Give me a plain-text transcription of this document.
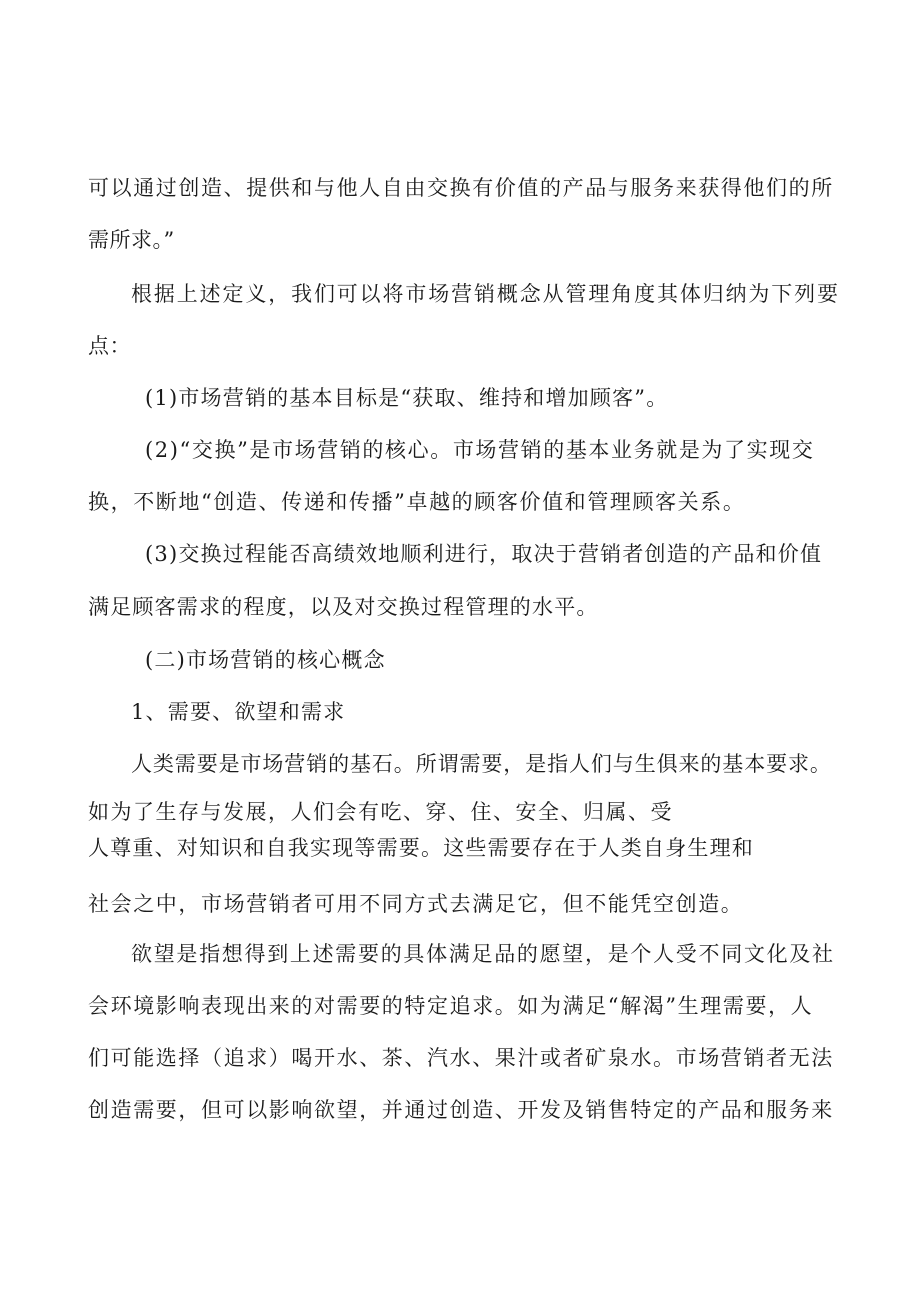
可以通过创造、提供和与他人自由交换有价值的产品与服务来获得他们的所
需所求。”
根据上述定义，我们可以将市场营销概念从管理角度其体归纳为下列要
点：
(1)市场营销的基本目标是“获取、维持和增加顾客”。
(2)“交换”是市场营销的核心。市场营销的基本业务就是为了实现交
换，不断地“创造、传递和传播”卓越的顾客价值和管理顾客关系。
(3)交换过程能否高绩效地顺利进行，取决于营销者创造的产品和价值
满足顾客需求的程度，以及对交换过程管理的水平。
(二)市场营销的核心概念
1、需要、欲望和需求
人类需要是市场营销的基石。所谓需要，是指人们与生俱来的基本要求。
如为了生存与发展，人们会有吃、穿、住、安全、归属、受
人尊重、对知识和自我实现等需要。这些需要存在于人类自身生理和
社会之中，市场营销者可用不同方式去满足它，但不能凭空创造。
欲望是指想得到上述需要的具体满足品的愿望，是个人受不同文化及社
会环境影响表现出来的对需要的特定追求。如为满足“解渴”生理需要，人
们可能选择（追求）喝开水、茶、汽水、果汁或者矿泉水。市场营销者无法
创造需要，但可以影响欲望，并通过创造、开发及销售特定的产品和服务来
